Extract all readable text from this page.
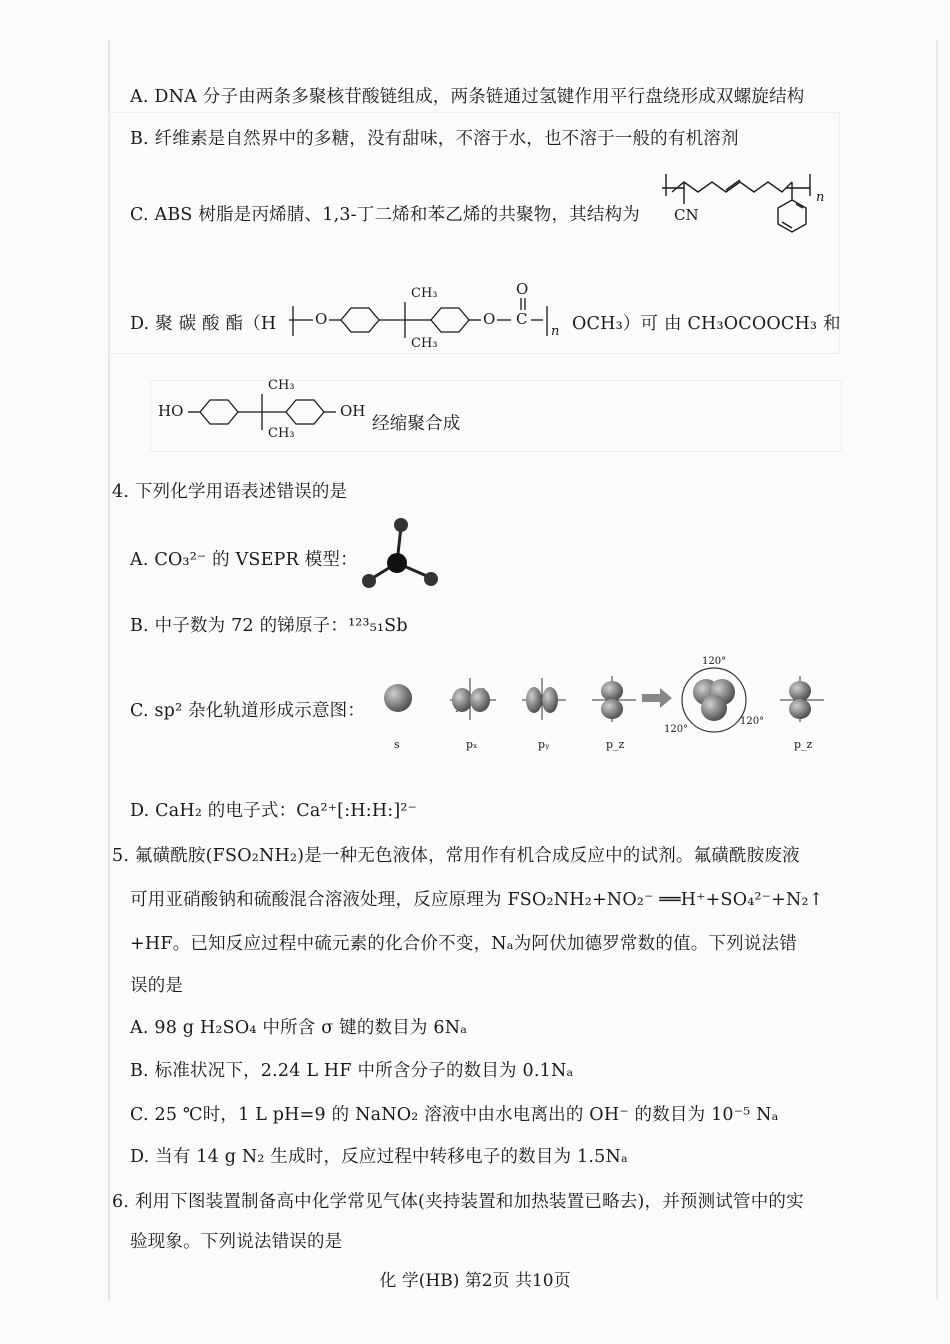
A. DNA 分子由两条多聚核苷酸链组成，两条链通过氢键作用平行盘绕形成双螺旋结构
B. 纤维素是自然界中的多糖，没有甜味，不溶于水，也不溶于一般的有机溶剂
C. ABS 树脂是丙烯腈、1,3-丁二烯和苯乙烯的共聚物，其结构为 CN
n
D. 聚 碳 酸 酯（H	O
CH₃
CH₃
O C
O
n OCH₃）可 由 CH₃OCOOCH₃ 和
HO
CH₃
CH₃
OH
经缩聚合成
4. 下列化学用语表述错误的是
A. CO₃²⁻ 的 VSEPR 模型：
B. 中子数为 72 的锑原子：¹²³₅₁Sb
C. sp² 杂化轨道形成示意图：
s	pₓ	pᵧ	p_z	p_z
120°
120°
120°
D. CaH₂ 的电子式：Ca²⁺[:H:H:]²⁻
5. 氟磺酰胺(FSO₂NH₂)是一种无色液体，常用作有机合成反应中的试剂。氟磺酰胺废液
可用亚硝酸钠和硫酸混合溶液处理，反应原理为 FSO₂NH₂+NO₂⁻ ══H⁺+SO₄²⁻+N₂↑
+HF。已知反应过程中硫元素的化合价不变，Nₐ为阿伏加德罗常数的值。下列说法错
误的是
A. 98 g H₂SO₄ 中所含 σ 键的数目为 6Nₐ
B. 标准状况下，2.24 L HF 中所含分子的数目为 0.1Nₐ
C. 25 ℃时，1 L pH=9 的 NaNO₂ 溶液中由水电离出的 OH⁻ 的数目为 10⁻⁵ Nₐ
D. 当有 14 g N₂ 生成时，反应过程中转移电子的数目为 1.5Nₐ
6. 利用下图装置制备高中化学常见气体(夹持装置和加热装置已略去)，并预测试管中的实
验现象。下列说法错误的是
化 学(HB) 第2页 共10页
